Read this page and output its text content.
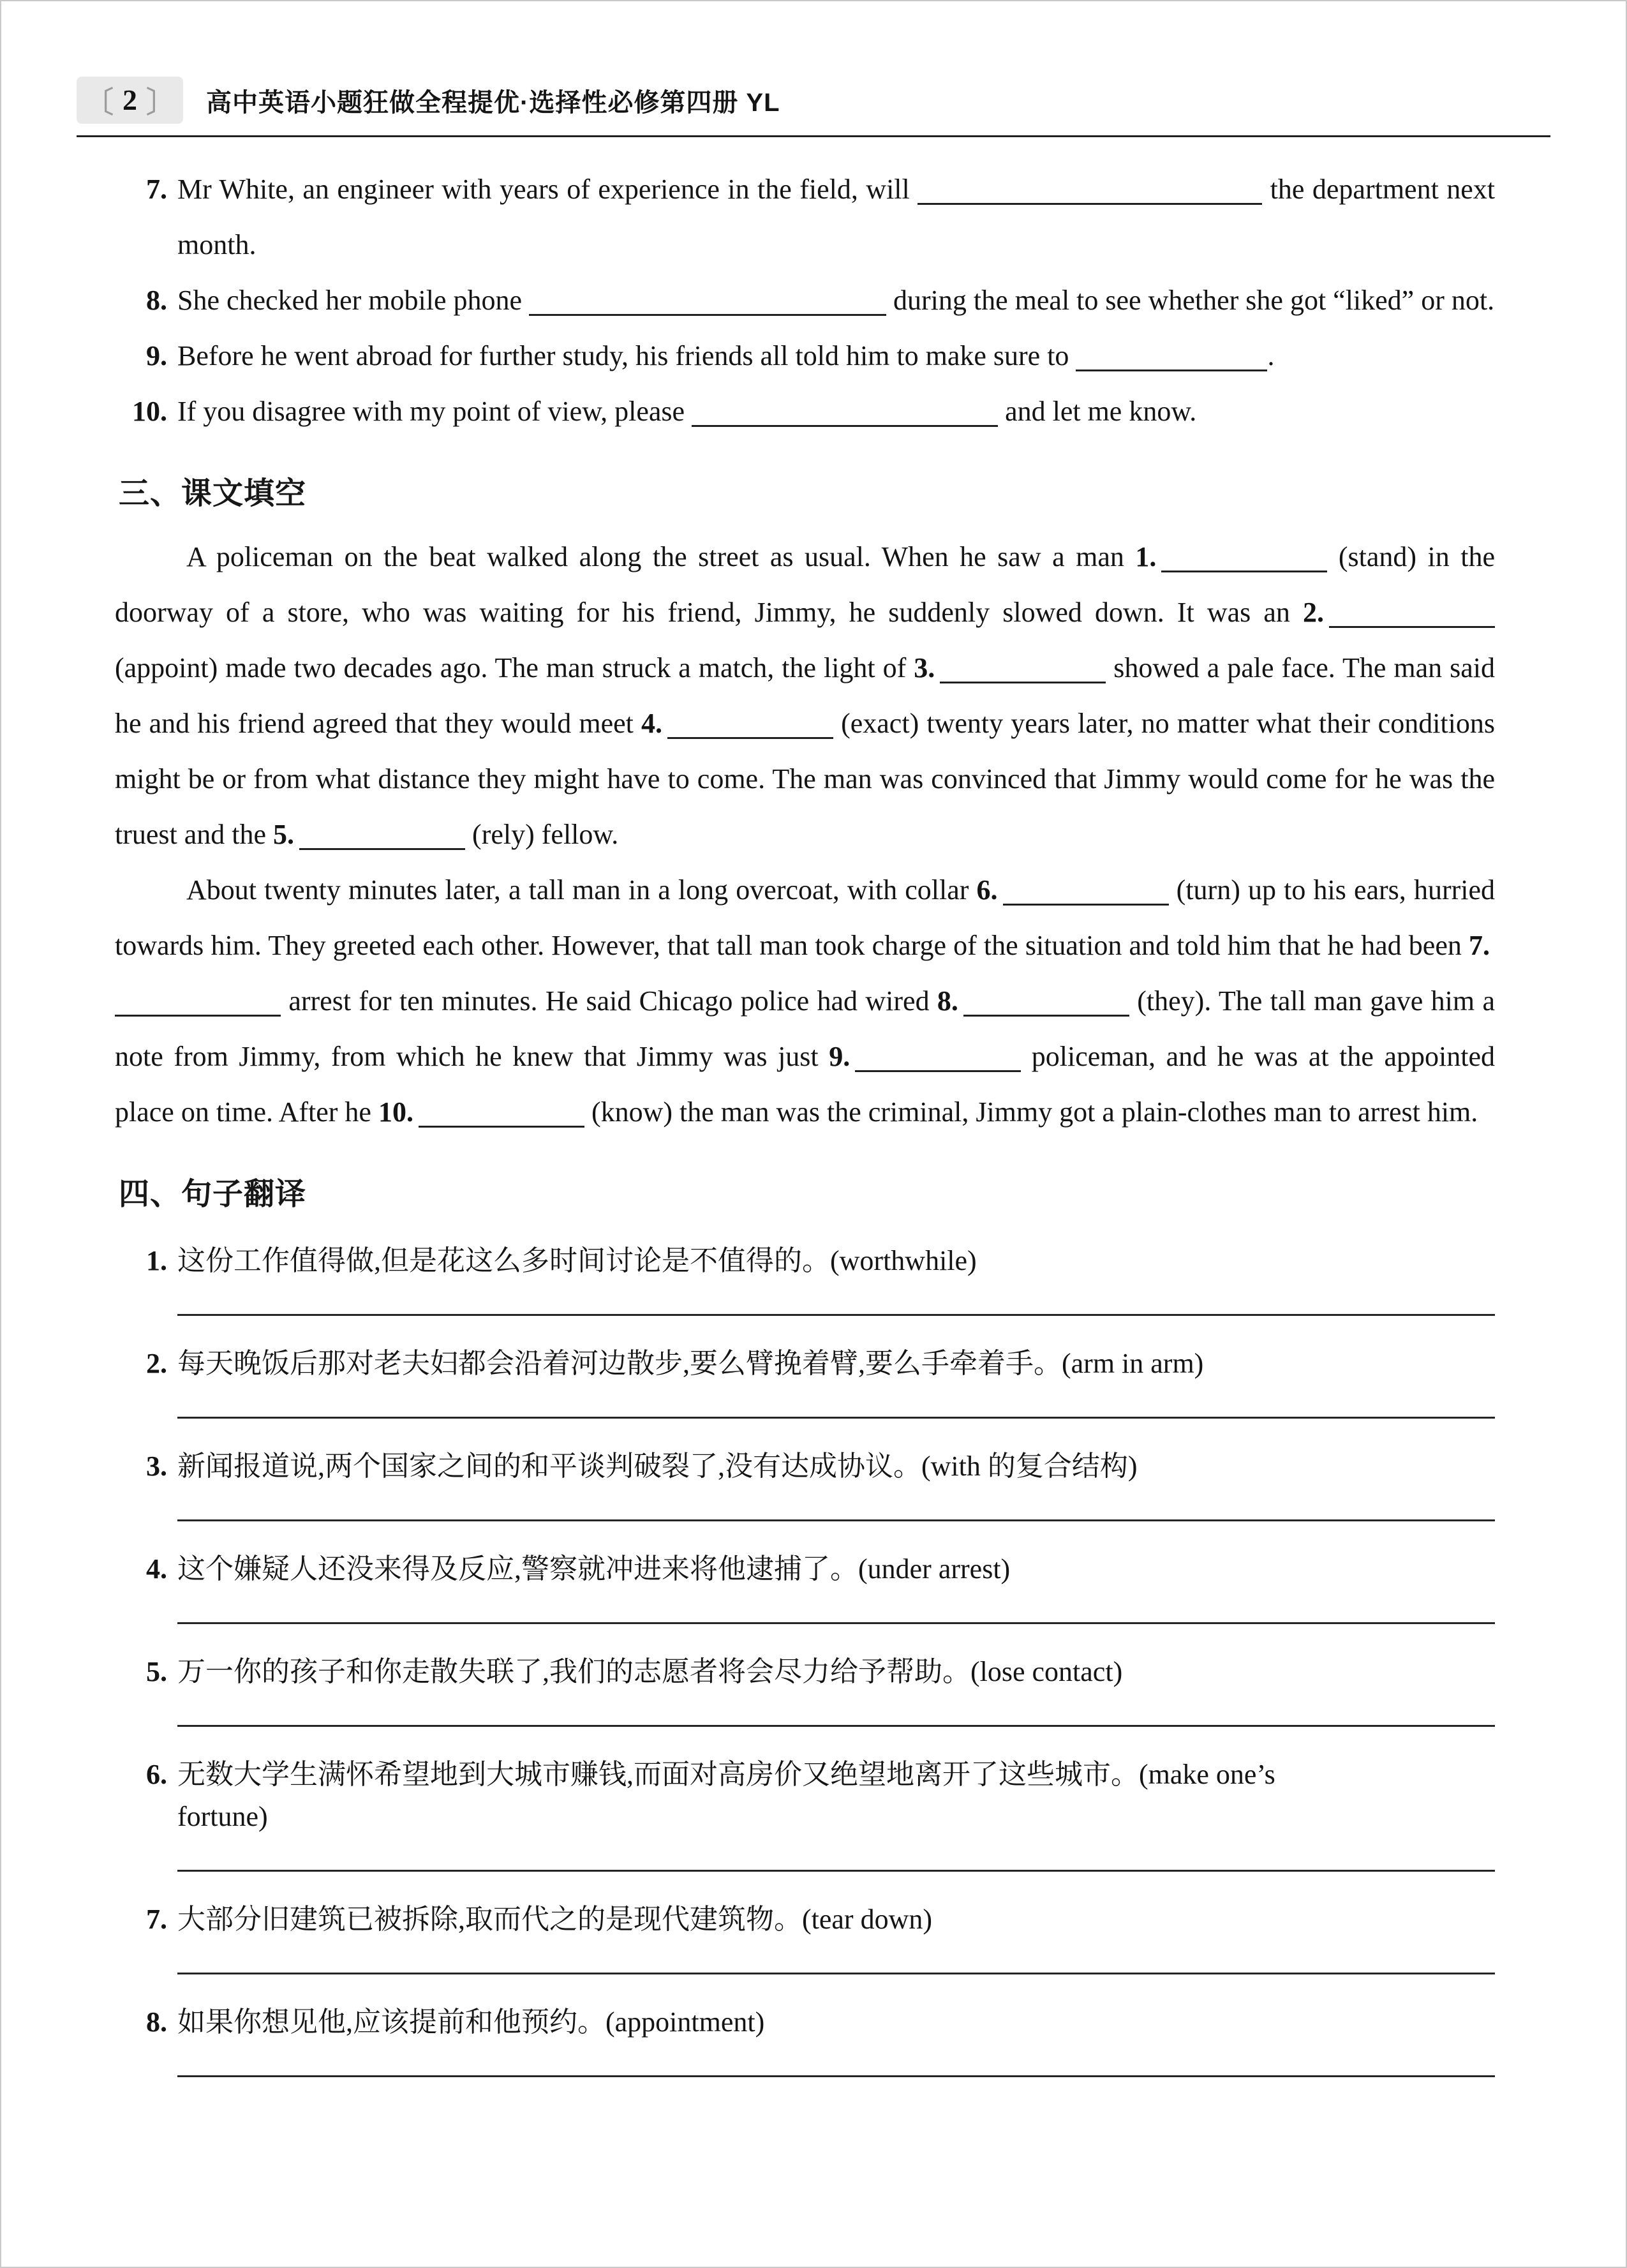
〔 2 〕 高中英语小题狂做全程提优·选择性必修第四册 YL
7. Mr White, an engineer with years of experience in the field, will	the department next month.
8. She checked her mobile phone	during the meal to see whether she got “liked” or not.
9. Before he went abroad for further study, his friends all told him to make sure to	.
10. If you disagree with my point of view, please	and let me know.
三、课文填空

A policeman on the beat walked along the street as usual. When he saw a man 1.	(stand) in the doorway of a store, who was waiting for his friend, Jimmy, he suddenly slowed down. It was an 2. (appoint) made two decades ago. The man struck a match, the light of 3.	showed a pale face. The man said he and his friend agreed that they would meet 4.	(exact) twenty years later, no matter what their conditions might be or from what distance they might have to come. The man was convinced that Jimmy would come for he was the truest and the 5.	(rely) fellow.

About twenty minutes later, a tall man in a long overcoat, with collar 6.	(turn) up to his ears, hurried towards him. They greeted each other. However, that tall man took charge of the situation and told him that he had been 7. arrest for ten minutes. He said Chicago police had wired 8.	(they). The tall man gave him a note from Jimmy, from which he knew that Jimmy was just 9.	policeman, and he was at the appointed place on time. After he 10.	(know) the man was the criminal, Jimmy got a plain-clothes man to arrest him.

四、句子翻译
1. 这份工作值得做,但是花这么多时间讨论是不值得的。(worthwhile)
2. 每天晚饭后那对老夫妇都会沿着河边散步,要么臂挽着臂,要么手牵着手。(arm in arm)
3. 新闻报道说,两个国家之间的和平谈判破裂了,没有达成协议。(with 的复合结构)
4. 这个嫌疑人还没来得及反应,警察就冲进来将他逮捕了。(under arrest)
5. 万一你的孩子和你走散失联了,我们的志愿者将会尽力给予帮助。(lose contact)
6. 无数大学生满怀希望地到大城市赚钱,而面对高房价又绝望地离开了这些城市。(make one’s
fortune)
7. 大部分旧建筑已被拆除,取而代之的是现代建筑物。(tear down)
8. 如果你想见他,应该提前和他预约。(appointment)
